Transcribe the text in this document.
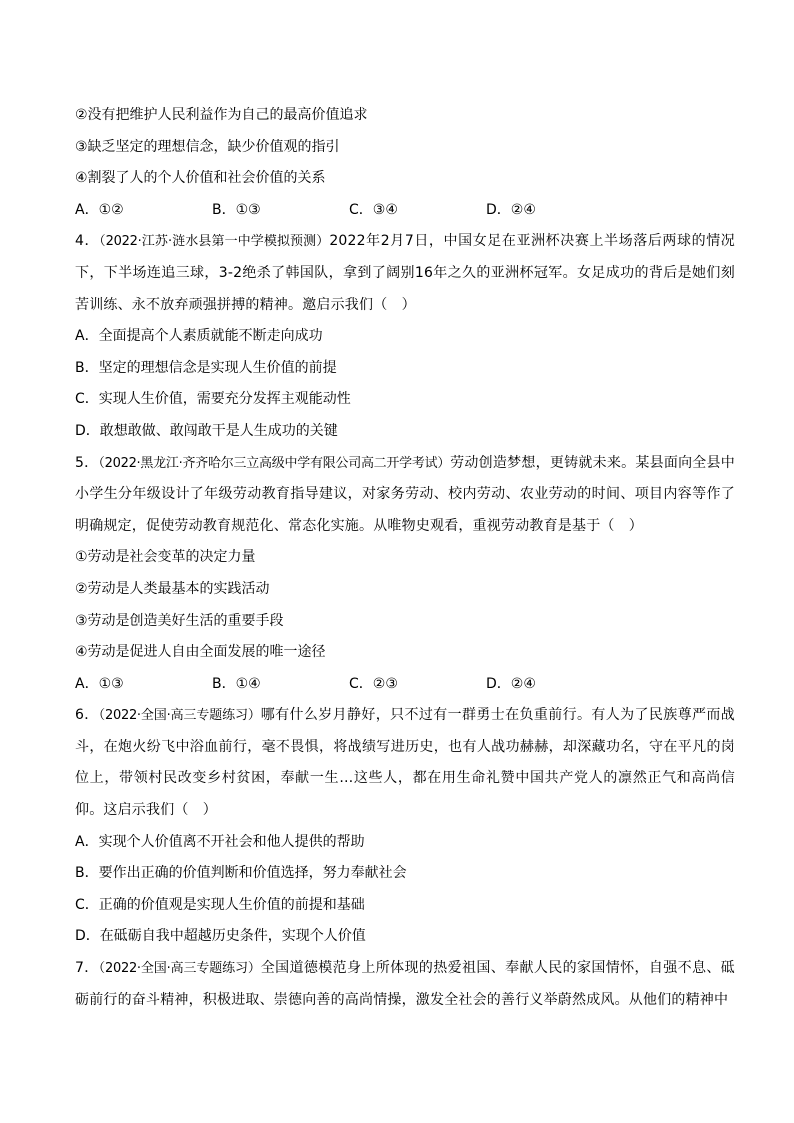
②没有把维护人民利益作为自己的最高价值追求
③缺乏坚定的理想信念，缺少价值观的指引
④割裂了人的个人价值和社会价值的关系
A．①②	B．①③	C．③④	D．②④
4．（2022·江苏·涟水县第一中学模拟预测）2022年2月7日，中国女足在亚洲杯决赛上半场落后两球的情况下，下半场连追三球，3-2绝杀了韩国队，拿到了阔别16年之久的亚洲杯冠军。女足成功的背后是她们刻苦训练、永不放弃顽强拼搏的精神。邀启示我们（　）
A．全面提高个人素质就能不断走向成功
B．坚定的理想信念是实现人生价值的前提
C．实现人生价值，需要充分发挥主观能动性
D．敢想敢做、敢闯敢干是人生成功的关键
5．（2022·黑龙江·齐齐哈尔三立高级中学有限公司高二开学考试）劳动创造梦想，更铸就未来。某县面向全县中小学生分年级设计了年级劳动教育指导建议，对家务劳动、校内劳动、农业劳动的时间、项目内容等作了明确规定，促使劳动教育规范化、常态化实施。从唯物史观看，重视劳动教育是基于（　）
①劳动是社会变革的决定力量
②劳动是人类最基本的实践活动
③劳动是创造美好生活的重要手段
④劳动是促进人自由全面发展的唯一途径
A．①③	B．①④	C．②③	D．②④
6．（2022·全国·高三专题练习）哪有什么岁月静好，只不过有一群勇士在负重前行。有人为了民族尊严而战斗，在炮火纷飞中浴血前行，毫不畏惧，将战绩写进历史，也有人战功赫赫，却深藏功名，守在平凡的岗位上，带领村民改变乡村贫困，奉献一生…这些人，都在用生命礼赞中国共产党人的凛然正气和高尚信仰。这启示我们（　）
A．实现个人价值离不开社会和他人提供的帮助
B．要作出正确的价值判断和价值选择，努力奉献社会
C．正确的价值观是实现人生价值的前提和基础
D．在砥砺自我中超越历史条件，实现个人价值
7．（2022·全国·高三专题练习）全国道德模范身上所体现的热爱祖国、奉献人民的家国情怀，自强不息、砥砺前行的奋斗精神，积极进取、崇德向善的高尚情操，激发全社会的善行义举蔚然成风。从他们的精神中
